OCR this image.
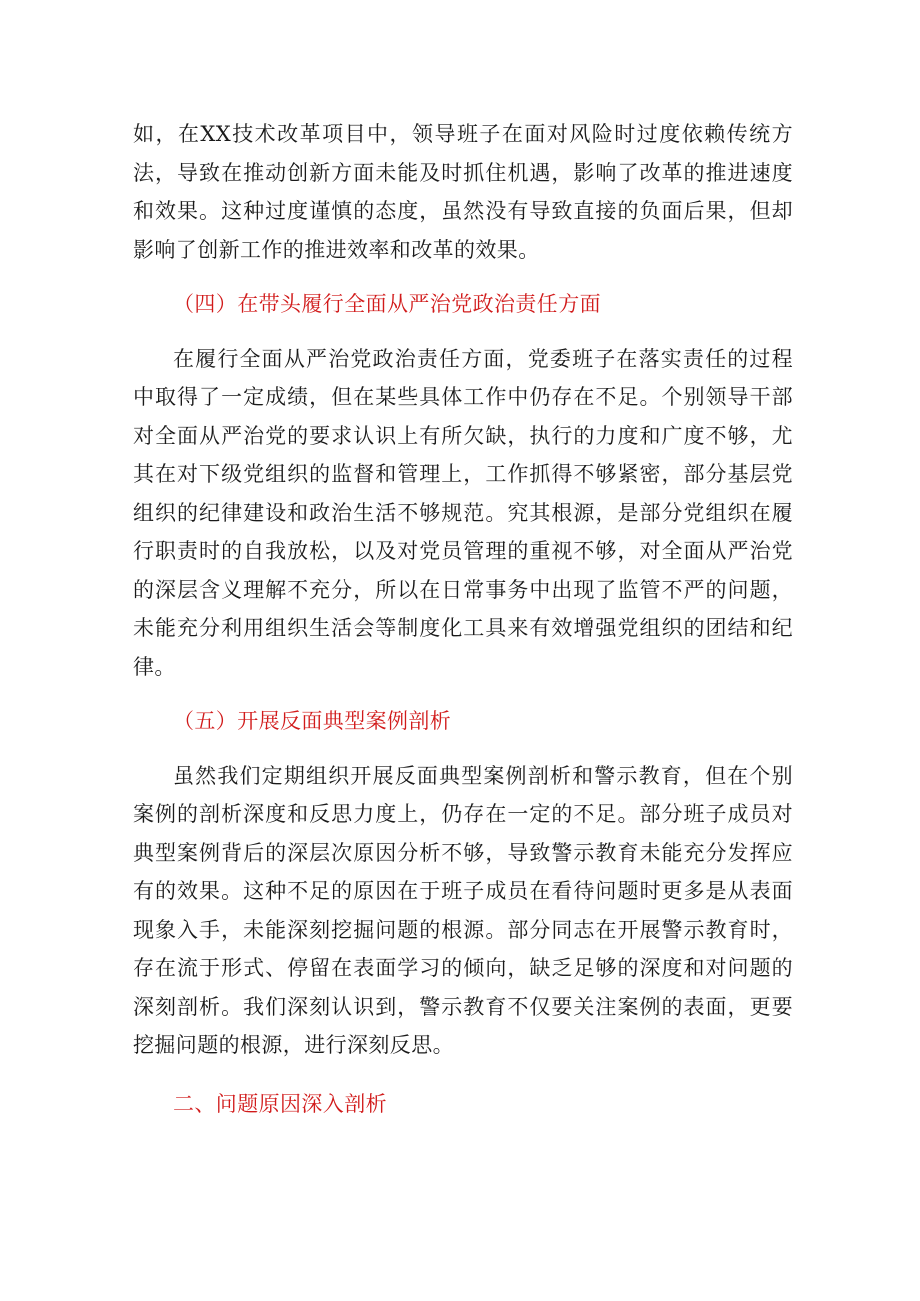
如，在XX技术改革项目中，领导班子在面对风险时过度依赖传统方法，导致在推动创新方面未能及时抓住机遇，影响了改革的推进速度和效果。这种过度谨慎的态度，虽然没有导致直接的负面后果，但却影响了创新工作的推进效率和改革的效果。

（四）在带头履行全面从严治党政治责任方面

在履行全面从严治党政治责任方面，党委班子在落实责任的过程中取得了一定成绩，但在某些具体工作中仍存在不足。个别领导干部对全面从严治党的要求认识上有所欠缺，执行的力度和广度不够，尤其在对下级党组织的监督和管理上，工作抓得不够紧密，部分基层党组织的纪律建设和政治生活不够规范。究其根源，是部分党组织在履行职责时的自我放松，以及对党员管理的重视不够，对全面从严治党的深层含义理解不充分，所以在日常事务中出现了监管不严的问题，未能充分利用组织生活会等制度化工具来有效增强党组织的团结和纪律。

（五）开展反面典型案例剖析

虽然我们定期组织开展反面典型案例剖析和警示教育，但在个别案例的剖析深度和反思力度上，仍存在一定的不足。部分班子成员对典型案例背后的深层次原因分析不够，导致警示教育未能充分发挥应有的效果。这种不足的原因在于班子成员在看待问题时更多是从表面现象入手，未能深刻挖掘问题的根源。部分同志在开展警示教育时，存在流于形式、停留在表面学习的倾向，缺乏足够的深度和对问题的深刻剖析。我们深刻认识到，警示教育不仅要关注案例的表面，更要挖掘问题的根源，进行深刻反思。

二、问题原因深入剖析
